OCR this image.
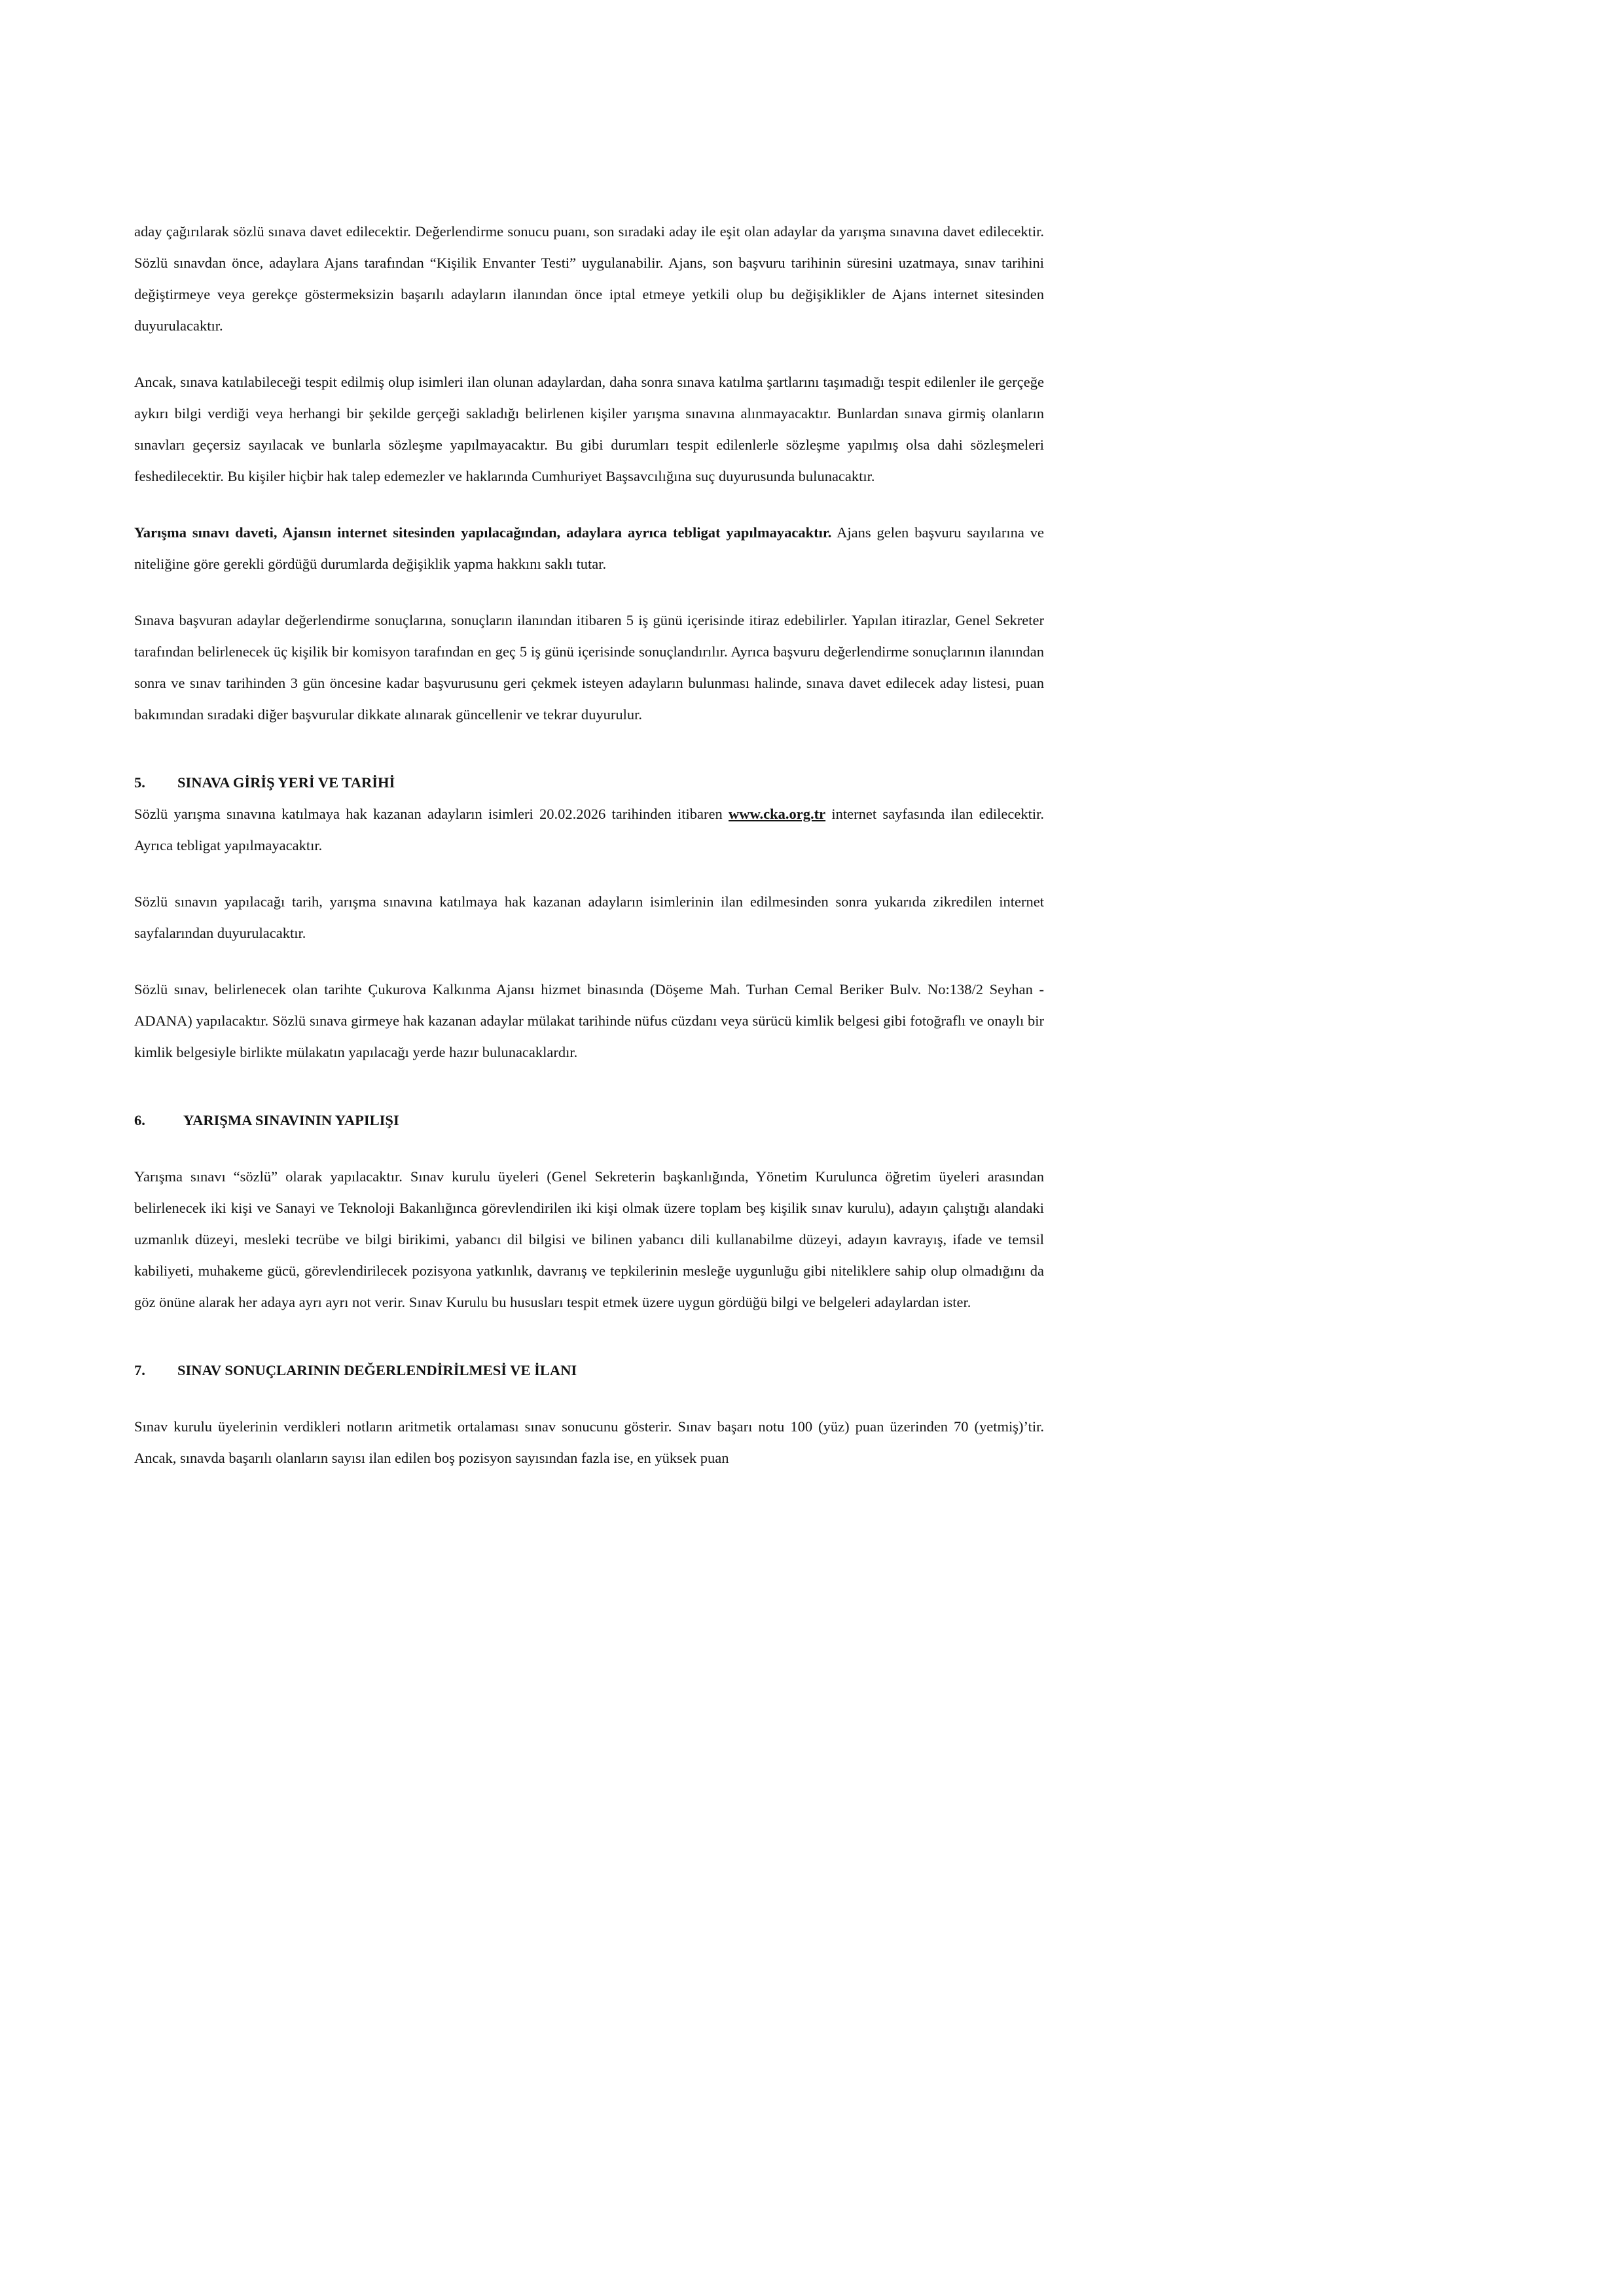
aday çağırılarak sözlü sınava davet edilecektir. Değerlendirme sonucu puanı, son sıradaki aday ile eşit olan adaylar da yarışma sınavına davet edilecektir. Sözlü sınavdan önce, adaylara Ajans tarafından “Kişilik Envanter Testi” uygulanabilir. Ajans, son başvuru tarihinin süresini uzatmaya, sınav tarihini değiştirmeye veya gerekçe göstermeksizin başarılı adayların ilanından önce iptal etmeye yetkili olup bu değişiklikler de Ajans internet sitesinden duyurulacaktır.

Ancak, sınava katılabileceği tespit edilmiş olup isimleri ilan olunan adaylardan, daha sonra sınava katılma şartlarını taşımadığı tespit edilenler ile gerçeğe aykırı bilgi verdiği veya herhangi bir şekilde gerçeği sakladığı belirlenen kişiler yarışma sınavına alınmayacaktır. Bunlardan sınava girmiş olanların sınavları geçersiz sayılacak ve bunlarla sözleşme yapılmayacaktır. Bu gibi durumları tespit edilenlerle sözleşme yapılmış olsa dahi sözleşmeleri feshedilecektir. Bu kişiler hiçbir hak talep edemezler ve haklarında Cumhuriyet Başsavcılığına suç duyurusunda bulunacaktır.

Yarışma sınavı daveti, Ajansın internet sitesinden yapılacağından, adaylara ayrıca tebligat yapılmayacaktır. Ajans gelen başvuru sayılarına ve niteliğine göre gerekli gördüğü durumlarda değişiklik yapma hakkını saklı tutar.

Sınava başvuran adaylar değerlendirme sonuçlarına, sonuçların ilanından itibaren 5 iş günü içerisinde itiraz edebilirler. Yapılan itirazlar, Genel Sekreter tarafından belirlenecek üç kişilik bir komisyon tarafından en geç 5 iş günü içerisinde sonuçlandırılır. Ayrıca başvuru değerlendirme sonuçlarının ilanından sonra ve sınav tarihinden 3 gün öncesine kadar başvurusunu geri çekmek isteyen adayların bulunması halinde, sınava davet edilecek aday listesi, puan bakımından sıradaki diğer başvurular dikkate alınarak güncellenir ve tekrar duyurulur.

5.	SINAVA GİRİŞ YERİ VE TARİHİ

Sözlü yarışma sınavına katılmaya hak kazanan adayların isimleri 20.02.2026 tarihinden itibaren www.cka.org.tr internet sayfasında ilan edilecektir. Ayrıca tebligat yapılmayacaktır.

Sözlü sınavın yapılacağı tarih, yarışma sınavına katılmaya hak kazanan adayların isimlerinin ilan edilmesinden sonra yukarıda zikredilen internet sayfalarından duyurulacaktır.

Sözlü sınav, belirlenecek olan tarihte Çukurova Kalkınma Ajansı hizmet binasında (Döşeme Mah. Turhan Cemal Beriker Bulv. No:138/2 Seyhan - ADANA) yapılacaktır. Sözlü sınava girmeye hak kazanan adaylar mülakat tarihinde nüfus cüzdanı veya sürücü kimlik belgesi gibi fotoğraflı ve onaylı bir kimlik belgesiyle birlikte mülakatın yapılacağı yerde hazır bulunacaklardır.

6.	YARIŞMA SINAVININ YAPILIŞI

Yarışma sınavı “sözlü” olarak yapılacaktır. Sınav kurulu üyeleri (Genel Sekreterin başkanlığında, Yönetim Kurulunca öğretim üyeleri arasından belirlenecek iki kişi ve Sanayi ve Teknoloji Bakanlığınca görevlendirilen iki kişi olmak üzere toplam beş kişilik sınav kurulu), adayın çalıştığı alandaki uzmanlık düzeyi, mesleki tecrübe ve bilgi birikimi, yabancı dil bilgisi ve bilinen yabancı dili kullanabilme düzeyi, adayın kavrayış, ifade ve temsil kabiliyeti, muhakeme gücü, görevlendirilecek pozisyona yatkınlık, davranış ve tepkilerinin mesleğe uygunluğu gibi niteliklere sahip olup olmadığını da göz önüne alarak her adaya ayrı ayrı not verir. Sınav Kurulu bu hususları tespit etmek üzere uygun gördüğü bilgi ve belgeleri adaylardan ister.

7.	SINAV SONUÇLARININ DEĞERLENDİRİLMESİ VE İLANI

Sınav kurulu üyelerinin verdikleri notların aritmetik ortalaması sınav sonucunu gösterir. Sınav başarı notu 100 (yüz) puan üzerinden 70 (yetmiş)’tir. Ancak, sınavda başarılı olanların sayısı ilan edilen boş pozisyon sayısından fazla ise, en yüksek puan
